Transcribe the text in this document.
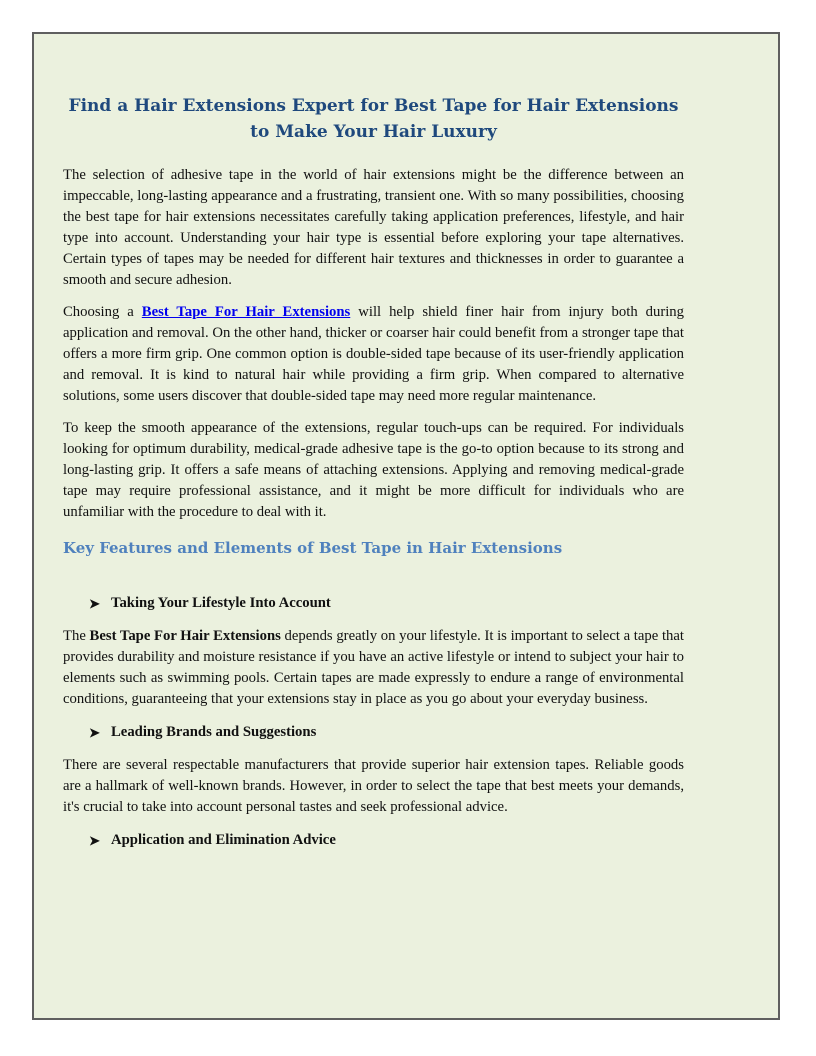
Find a Hair Extensions Expert for Best Tape for Hair Extensions to Make Your Hair Luxury

The selection of adhesive tape in the world of hair extensions might be the difference between an impeccable, long-lasting appearance and a frustrating, transient one. With so many possibilities, choosing the best tape for hair extensions necessitates carefully taking application preferences, lifestyle, and hair type into account. Understanding your hair type is essential before exploring your tape alternatives. Certain types of tapes may be needed for different hair textures and thicknesses in order to guarantee a smooth and secure adhesion.

Choosing a Best Tape For Hair Extensions will help shield finer hair from injury both during application and removal. On the other hand, thicker or coarser hair could benefit from a stronger tape that offers a more firm grip. One common option is double-sided tape because of its user-friendly application and removal. It is kind to natural hair while providing a firm grip. When compared to alternative solutions, some users discover that double-sided tape may need more regular maintenance.

To keep the smooth appearance of the extensions, regular touch-ups can be required. For individuals looking for optimum durability, medical-grade adhesive tape is the go-to option because to its strong and long-lasting grip. It offers a safe means of attaching extensions. Applying and removing medical-grade tape may require professional assistance, and it might be more difficult for individuals who are unfamiliar with the procedure to deal with it.

Key Features and Elements of Best Tape in Hair Extensions
➤ Taking Your Lifestyle Into Account

The Best Tape For Hair Extensions depends greatly on your lifestyle. It is important to select a tape that provides durability and moisture resistance if you have an active lifestyle or intend to subject your hair to elements such as swimming pools. Certain tapes are made expressly to endure a range of environmental conditions, guaranteeing that your extensions stay in place as you go about your everyday business.

➤ Leading Brands and Suggestions

There are several respectable manufacturers that provide superior hair extension tapes. Reliable goods are a hallmark of well-known brands. However, in order to select the tape that best meets your demands, it's crucial to take into account personal tastes and seek professional advice.

➤ Application and Elimination Advice
